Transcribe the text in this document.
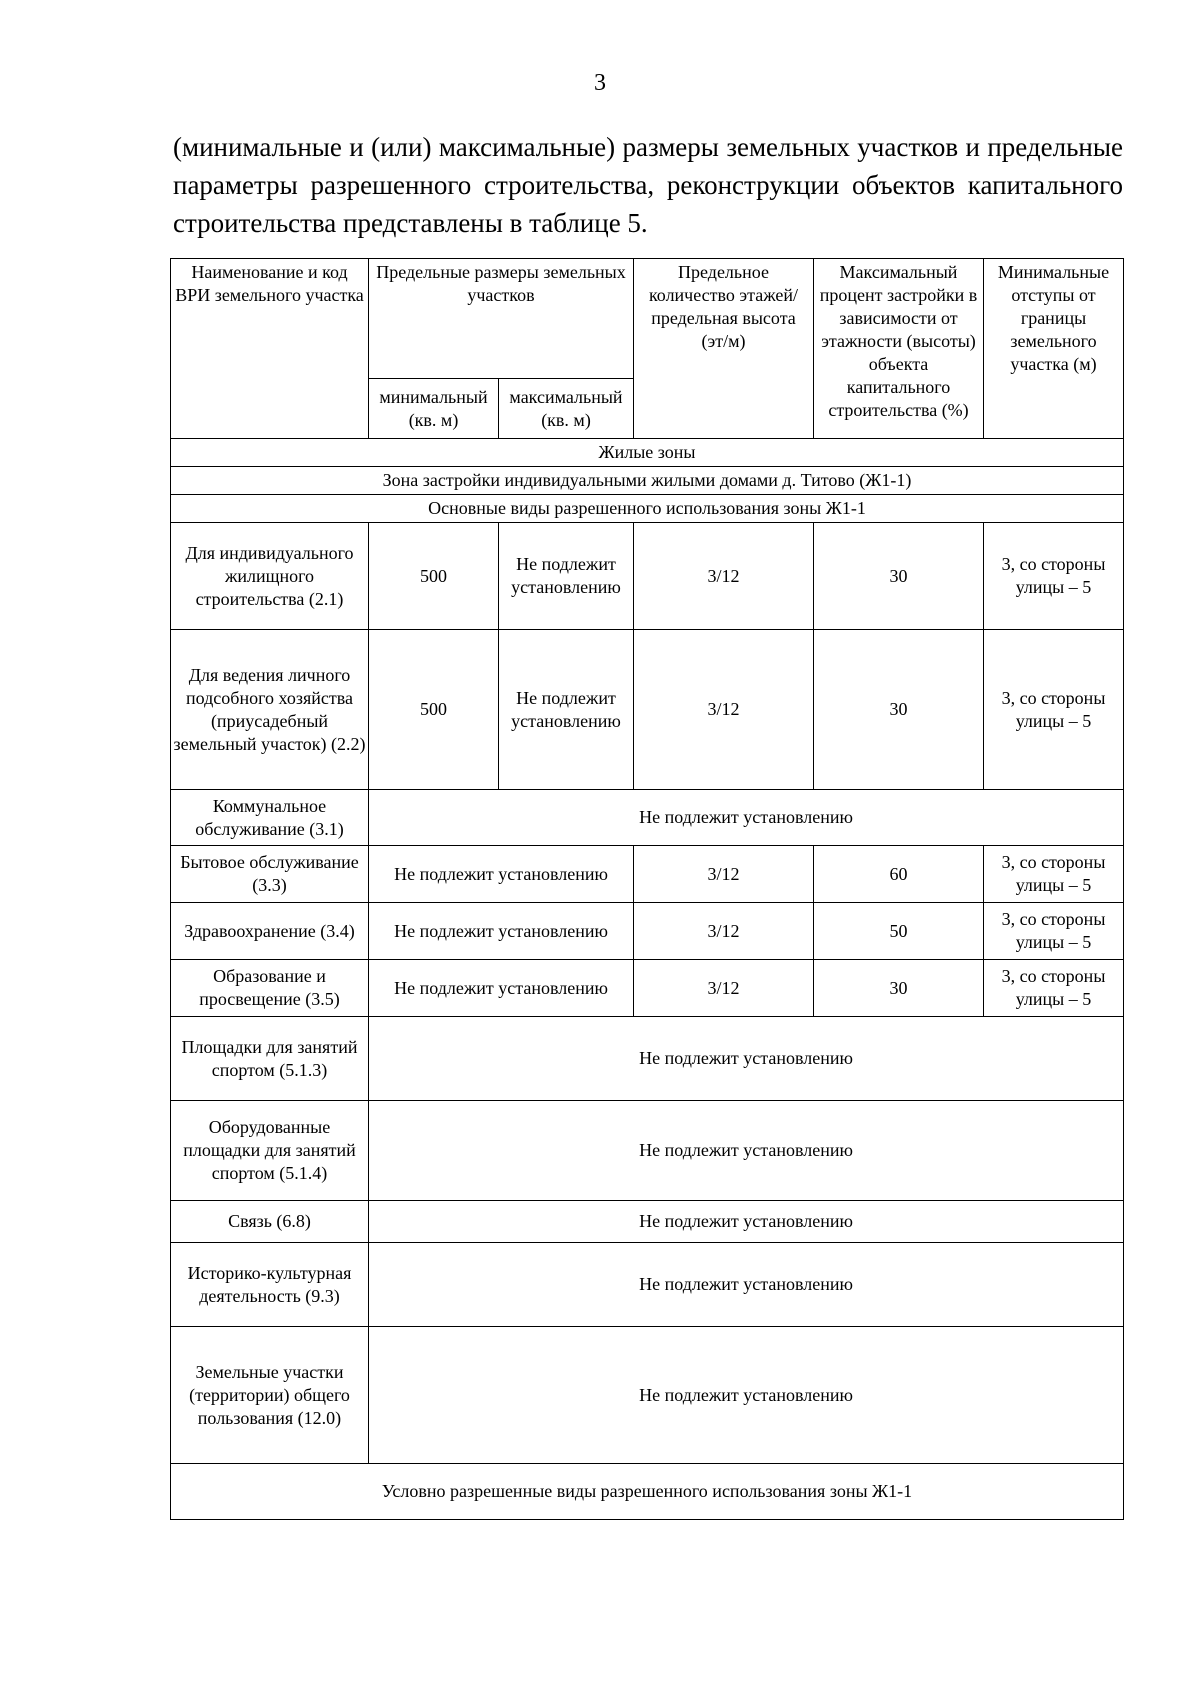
3
(минимальные и (или) максимальные) размеры земельных участков и предельные параметры разрешенного строительства, реконструкции объектов капитального строительства представлены в таблице 5.
Наименование и код ВРИ земельного участка	Предельные размеры земельных участков		Предельное количество этажей/ предельная высота (эт/м)	Максимальный процент застройки в зависимости от этажности (высоты) объекта капитального строительства (%)	Минимальные отступы от границы земельного участка (м)
	минимальный (кв. м)	максимальный (кв. м)			
Жилые зоны					
Зона застройки индивидуальными жилыми домами д. Титово (Ж1-1)					
Основные виды разрешенного использования зоны Ж1-1					
Для индивидуального жилищного строительства (2.1)	500	Не подлежит установлению	3/12	30	3, со стороны улицы – 5
Для ведения личного подсобного хозяйства (приусадебный земельный участок) (2.2)	500	Не подлежит установлению	3/12	30	3, со стороны улицы – 5
Коммунальное обслуживание (3.1)	Не подлежит установлению				
Бытовое обслуживание (3.3)	Не подлежит установлению		3/12	60	3, со стороны улицы – 5
Здравоохранение (3.4)	Не подлежит установлению		3/12	50	3, со стороны улицы – 5
Образование и просвещение (3.5)	Не подлежит установлению		3/12	30	3, со стороны улицы – 5
Площадки для занятий спортом (5.1.3)	Не подлежит установлению				
Оборудованные площадки для занятий спортом (5.1.4)	Не подлежит установлению				
Связь (6.8)	Не подлежит установлению				
Историко-культурная деятельность (9.3)	Не подлежит установлению				
Земельные участки (территории) общего пользования (12.0)	Не подлежит установлению				
Условно разрешенные виды разрешенного использования зоны Ж1-1					
